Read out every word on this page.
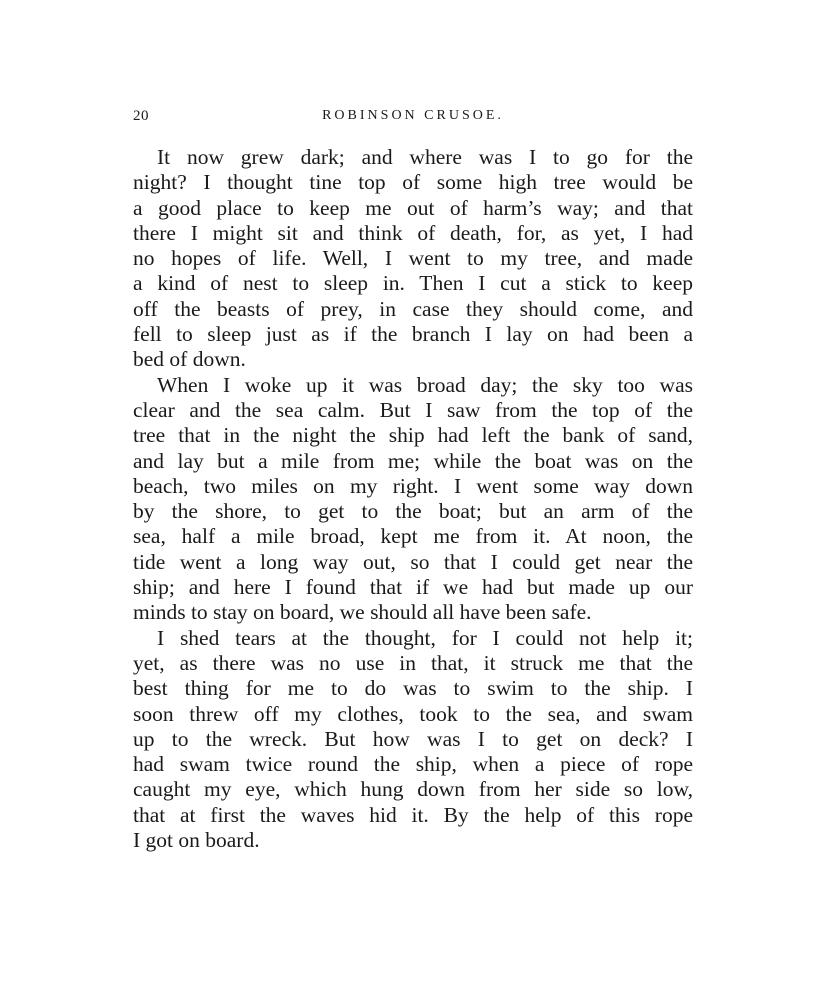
20	ROBINSON CRUSOE.
It now grew dark; and where was I to go for the
night? I thought tine top of some high tree would be
a good place to keep me out of harm’s way; and that
there I might sit and think of death, for, as yet, I had
no hopes of life. Well, I went to my tree, and made
a kind of nest to sleep in. Then I cut a stick to keep
off the beasts of prey, in case they should come, and
fell to sleep just as if the branch I lay on had been a
bed of down.
When I woke up it was broad day; the sky too was
clear and the sea calm. But I saw from the top of the
tree that in the night the ship had left the bank of sand,
and lay but a mile from me; while the boat was on the
beach, two miles on my right. I went some way down
by the shore, to get to the boat; but an arm of the
sea, half a mile broad, kept me from it. At noon, the
tide went a long way out, so that I could get near the
ship; and here I found that if we had but made up our
minds to stay on board, we should all have been safe.
I shed tears at the thought, for I could not help it;
yet, as there was no use in that, it struck me that the
best thing for me to do was to swim to the ship. I
soon threw off my clothes, took to the sea, and swam
up to the wreck. But how was I to get on deck? I
had swam twice round the ship, when a piece of rope
caught my eye, which hung down from her side so low,
that at first the waves hid it. By the help of this rope
I got on board.
